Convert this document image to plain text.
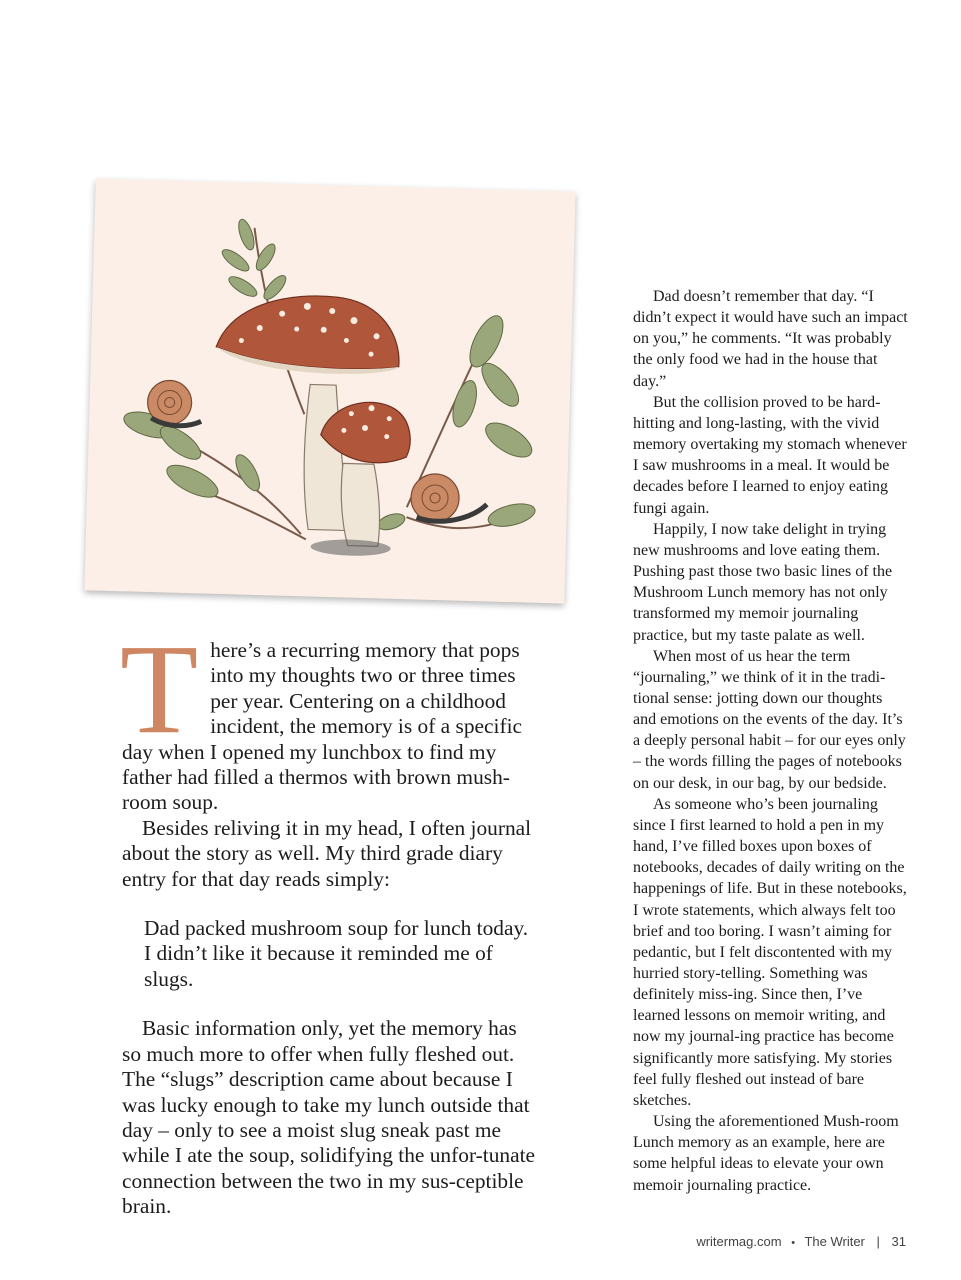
There’s a recurring memory that pops into my thoughts two or three times per year. Centering on a childhood incident, the memory is of a specific day when I opened my lunchbox to find my father had filled a thermos with brown mush-room soup.

Besides reliving it in my head, I often journal about the story as well. My third grade diary entry for that day reads simply:

Dad packed mushroom soup for lunch today. I didn’t like it because it reminded me of slugs.

Basic information only, yet the memory has so much more to offer when fully fleshed out. The “slugs” description came about because I was lucky enough to take my lunch outside that day – only to see a moist slug sneak past me while I ate the soup, solidifying the unfor-tunate connection between the two in my sus-ceptible brain.

Dad doesn’t remember that day. “I didn’t expect it would have such an impact on you,” he comments. “It was probably the only food we had in the house that day.”

But the collision proved to be hard-hitting and long-lasting, with the vivid memory overtaking my stomach whenever I saw mushrooms in a meal. It would be decades before I learned to enjoy eating fungi again.

Happily, I now take delight in trying new mushrooms and love eating them. Pushing past those two basic lines of the Mushroom Lunch memory has not only transformed my memoir journaling practice, but my taste palate as well.

When most of us hear the term “journaling,” we think of it in the tradi-tional sense: jotting down our thoughts and emotions on the events of the day. It’s a deeply personal habit – for our eyes only – the words filling the pages of notebooks on our desk, in our bag, by our bedside.

As someone who’s been journaling since I first learned to hold a pen in my hand, I’ve filled boxes upon boxes of notebooks, decades of daily writing on the happenings of life. But in these notebooks, I wrote statements, which always felt too brief and too boring. I wasn’t aiming for pedantic, but I felt discontented with my hurried story-telling. Something was definitely miss-ing. Since then, I’ve learned lessons on memoir writing, and now my journal-ing practice has become significantly more satisfying. My stories feel fully fleshed out instead of bare sketches.

Using the aforementioned Mush-room Lunch memory as an example, here are some helpful ideas to elevate your own memoir journaling practice.

writermag.com • The Writer | 31
